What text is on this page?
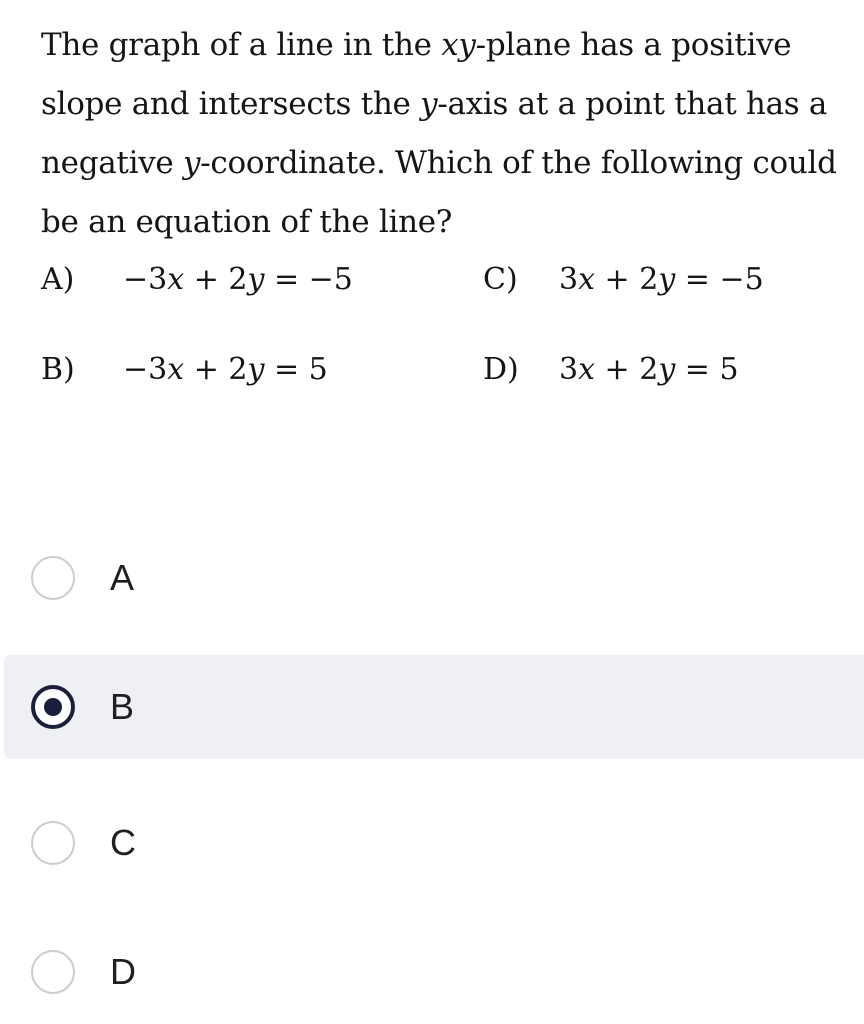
The graph of a line in the xy-plane has a positive slope and intersects the y-axis at a point that has a negative y-coordinate. Which of the following could be an equation of the line?
A) −3x + 2y = −5	C) 3x + 2y = −5
B) −3x + 2y = 5	D) 3x + 2y = 5
A
B
C
D
